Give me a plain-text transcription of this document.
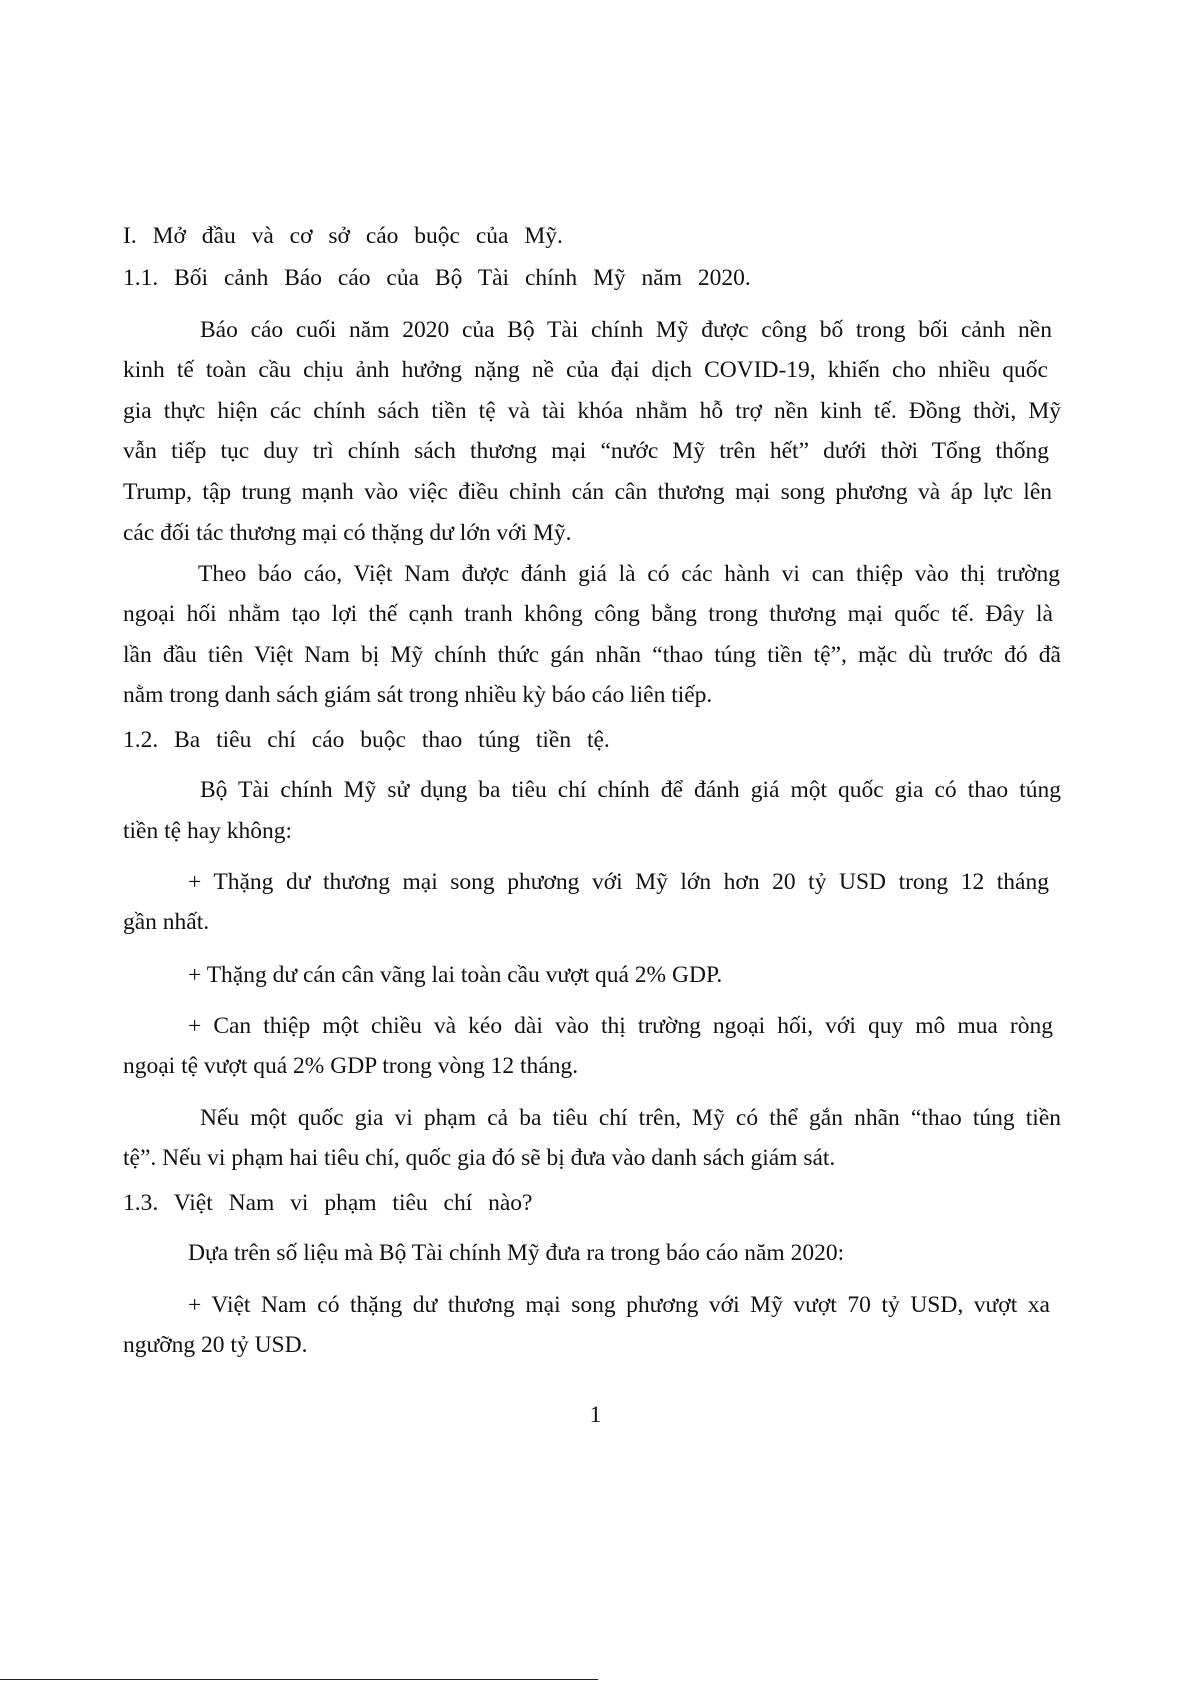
I. Mở đầu và cơ sở cáo buộc của Mỹ.
1.1. Bối cảnh Báo cáo của Bộ Tài chính Mỹ năm 2020.
Báo cáo cuối năm 2020 của Bộ Tài chính Mỹ được công bố trong bối cảnh nền
kinh tế toàn cầu chịu ảnh hưởng nặng nề của đại dịch COVID-19, khiến cho nhiều quốc
gia thực hiện các chính sách tiền tệ và tài khóa nhằm hỗ trợ nền kinh tế. Đồng thời, Mỹ
vẫn tiếp tục duy trì chính sách thương mại “nước Mỹ trên hết” dưới thời Tổng thống
Trump, tập trung mạnh vào việc điều chỉnh cán cân thương mại song phương và áp lực lên
các đối tác thương mại có thặng dư lớn với Mỹ.
Theo báo cáo, Việt Nam được đánh giá là có các hành vi can thiệp vào thị trường
ngoại hối nhằm tạo lợi thế cạnh tranh không công bằng trong thương mại quốc tế. Đây là
lần đầu tiên Việt Nam bị Mỹ chính thức gán nhãn “thao túng tiền tệ”, mặc dù trước đó đã
nằm trong danh sách giám sát trong nhiều kỳ báo cáo liên tiếp.
1.2. Ba tiêu chí cáo buộc thao túng tiền tệ.
Bộ Tài chính Mỹ sử dụng ba tiêu chí chính để đánh giá một quốc gia có thao túng
tiền tệ hay không:
+ Thặng dư thương mại song phương với Mỹ lớn hơn 20 tỷ USD trong 12 tháng
gần nhất.
+ Thặng dư cán cân vãng lai toàn cầu vượt quá 2% GDP.
+ Can thiệp một chiều và kéo dài vào thị trường ngoại hối, với quy mô mua ròng
ngoại tệ vượt quá 2% GDP trong vòng 12 tháng.
Nếu một quốc gia vi phạm cả ba tiêu chí trên, Mỹ có thể gắn nhãn “thao túng tiền
tệ”. Nếu vi phạm hai tiêu chí, quốc gia đó sẽ bị đưa vào danh sách giám sát.
1.3. Việt Nam vi phạm tiêu chí nào?
Dựa trên số liệu mà Bộ Tài chính Mỹ đưa ra trong báo cáo năm 2020:
+ Việt Nam có thặng dư thương mại song phương với Mỹ vượt 70 tỷ USD, vượt xa
ngưỡng 20 tỷ USD.
1
